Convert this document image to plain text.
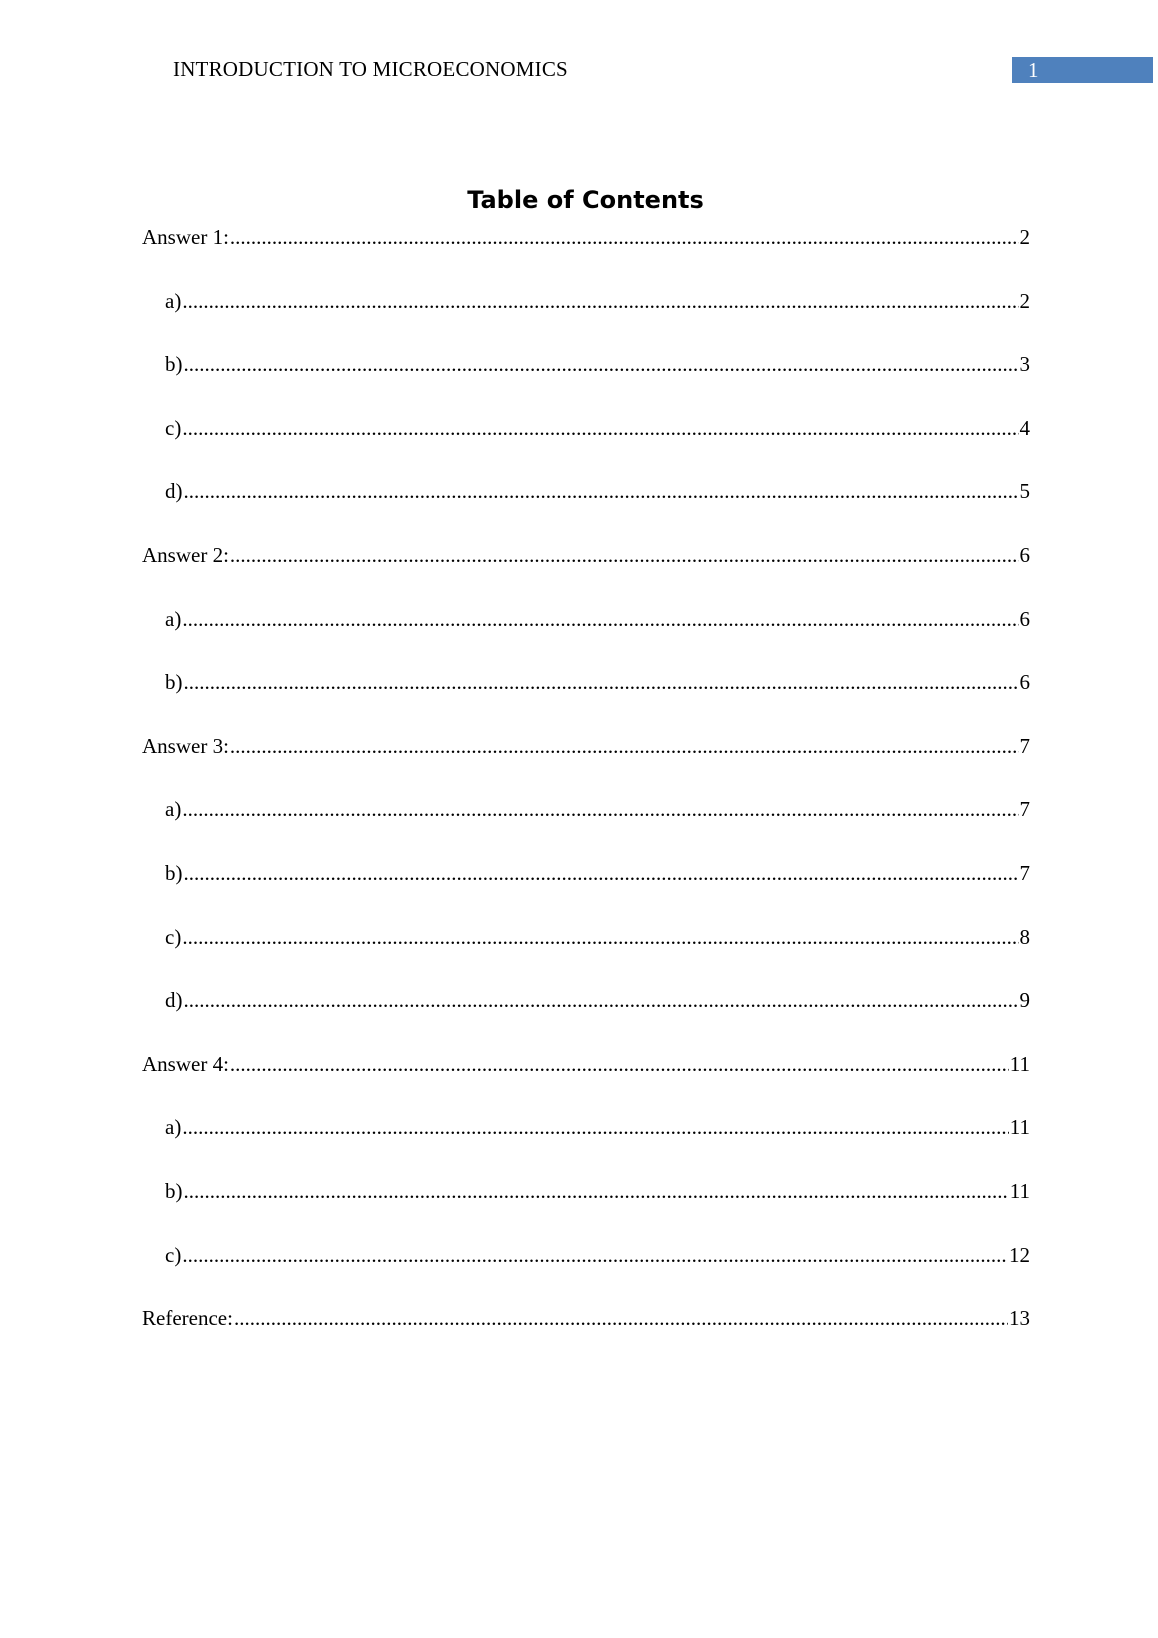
INTRODUCTION TO MICROECONOMICS	1
Table of Contents
Answer 1: .....	2
a) .....	2
b) .....	3
c) .....	4
d) .....	5
Answer 2: .....	6
a) .....	6
b) .....	6
Answer 3: .....	7
a) .....	7
b) .....	7
c) .....	8
d) .....	9
Answer 4: .....	11
a) .....	11
b) .....	11
c) .....	12
Reference: .....	13
